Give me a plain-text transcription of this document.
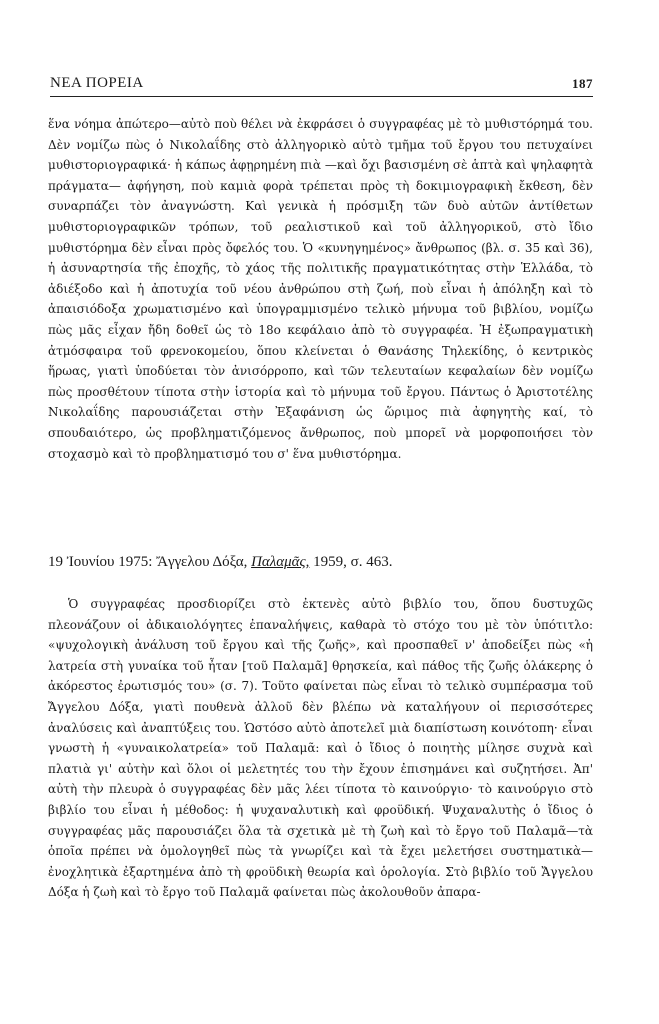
ΝΕΑ ΠΟΡΕΙΑ	187

ἕνα νόημα ἀπώτερο—αὐτὸ ποὺ θέλει νὰ ἐκφράσει ὁ συγγραφέας μὲ τὸ μυθιστόρημά του. Δὲν νομίζω πὼς ὁ Νικολαΐδης στὸ ἀλληγορικὸ αὐτὸ τμῆμα τοῦ ἔργου του πετυχαίνει μυθιστοριογραφικά· ἡ κάπως ἀφῃρημένη πιὰ —καὶ ὄχι βασισμένη σὲ ἁπτὰ καὶ ψηλαφητὰ πράγματα— ἀφήγηση, ποὺ καμιὰ φορὰ τρέπεται πρὸς τὴ δοκιμιογραφικὴ ἔκθεση, δὲν συναρπάζει τὸν ἀναγνώστη. Καὶ γενικὰ ἡ πρόσμιξη τῶν δυὸ αὐτῶν ἀντίθετων μυθιστοριογραφικῶν τρόπων, τοῦ ρεαλιστικοῦ καὶ τοῦ ἀλληγορικοῦ, στὸ ἴδιο μυθιστόρημα δὲν εἶναι πρὸς ὄφελός του. Ὁ «κυνηγημένος» ἄνθρωπος (βλ. σ. 35 καὶ 36), ἡ ἀσυναρτησία τῆς ἐποχῆς, τὸ χάος τῆς πολιτικῆς πραγματικότητας στὴν Ἑλλάδα, τὸ ἀδιέξοδο καὶ ἡ ἀποτυχία τοῦ νέου ἀνθρώπου στὴ ζωή, ποὺ εἶναι ἡ ἀπόληξη καὶ τὸ ἀπαισιόδοξα χρωματισμένο καὶ ὑπογραμμισμένο τελικὸ μήνυμα τοῦ βιβλίου, νομίζω πὼς μᾶς εἶχαν ἤδη δοθεῖ ὡς τὸ 18ο κεφάλαιο ἀπὸ τὸ συγγραφέα. Ἡ ἐξωπραγματικὴ ἀτμόσφαιρα τοῦ φρενοκομείου, ὅπου κλείνεται ὁ Θανάσης Τηλεκίδης, ὁ κεντρικὸς ἥρωας, γιατὶ ὑποδύεται τὸν ἀνισόρροπο, καὶ τῶν τελευταίων κεφαλαίων δὲν νομίζω πὼς προσθέτουν τίποτα στὴν ἱστορία καὶ τὸ μήνυμα τοῦ ἔργου. Πάντως ὁ Ἀριστοτέλης Νικολαΐδης παρουσιάζεται στὴν Ἐξαφάνιση ὡς ὥριμος πιὰ ἀφηγητὴς καί, τὸ σπουδαιότερο, ὡς προβληματιζόμενος ἄνθρωπος, ποὺ μπορεῖ νὰ μορφοποιήσει τὸν στοχασμὸ καὶ τὸ προβληματισμό του σ' ἕνα μυθιστόρημα.

19 Ἰουνίου 1975: Ἄγγελου Δόξα, Παλαμᾶς, 1959, σ. 463.

Ὁ συγγραφέας προσδιορίζει στὸ ἐκτενὲς αὐτὸ βιβλίο του, ὅπου δυστυχῶς πλεονάζουν οἱ ἀδικαιολόγητες ἐπαναλήψεις, καθαρὰ τὸ στόχο του μὲ τὸν ὑπότιτλο: «ψυχολογικὴ ἀνάλυση τοῦ ἔργου καὶ τῆς ζωῆς», καὶ προσπαθεῖ ν' ἀποδείξει πὼς «ἡ λατρεία στὴ γυναίκα τοῦ ἦταν [τοῦ Παλαμᾶ] θρησκεία, καὶ πάθος τῆς ζωῆς ὁλάκερης ὁ ἀκόρεστος ἐρωτισμός του» (σ. 7). Τοῦτο φαίνεται πὼς εἶναι τὸ τελικὸ συμπέρασμα τοῦ Ἄγγελου Δόξα, γιατὶ πουθενὰ ἀλλοῦ δὲν βλέπω νὰ καταλήγουν οἱ περισσότερες ἀναλύσεις καὶ ἀναπτύξεις του. Ὡστόσο αὐτὸ ἀποτελεῖ μιὰ διαπίστωση κοινότοπη· εἶναι γνωστὴ ἡ «γυναικολατρεία» τοῦ Παλαμᾶ: καὶ ὁ ἴδιος ὁ ποιητὴς μίλησε συχνὰ καὶ πλατιὰ γι' αὐτὴν καὶ ὅλοι οἱ μελετητές του τὴν ἔχουν ἐπισημάνει καὶ συζητήσει. Ἀπ' αὐτὴ τὴν πλευρὰ ὁ συγγραφέας δὲν μᾶς λέει τίποτα τὸ καινούργιο· τὸ καινούργιο στὸ βιβλίο του εἶναι ἡ μέθοδος: ἡ ψυχαναλυτικὴ καὶ φροϋδική. Ψυχαναλυτὴς ὁ ἴδιος ὁ συγγραφέας μᾶς παρουσιάζει ὅλα τὰ σχετικὰ μὲ τὴ ζωὴ καὶ τὸ ἔργο τοῦ Παλαμᾶ—τὰ ὁποῖα πρέπει νὰ ὁμολογηθεῖ πὼς τὰ γνωρίζει καὶ τὰ ἔχει μελετήσει συστηματικὰ—ἐνοχλητικὰ ἐξαρτημένα ἀπὸ τὴ φροϋδικὴ θεωρία καὶ ὁρολογία. Στὸ βιβλίο τοῦ Ἄγγελου Δόξα ἡ ζωὴ καὶ τὸ ἔργο τοῦ Παλαμᾶ φαίνεται πὼς ἀκολουθοῦν ἀπαρα-
